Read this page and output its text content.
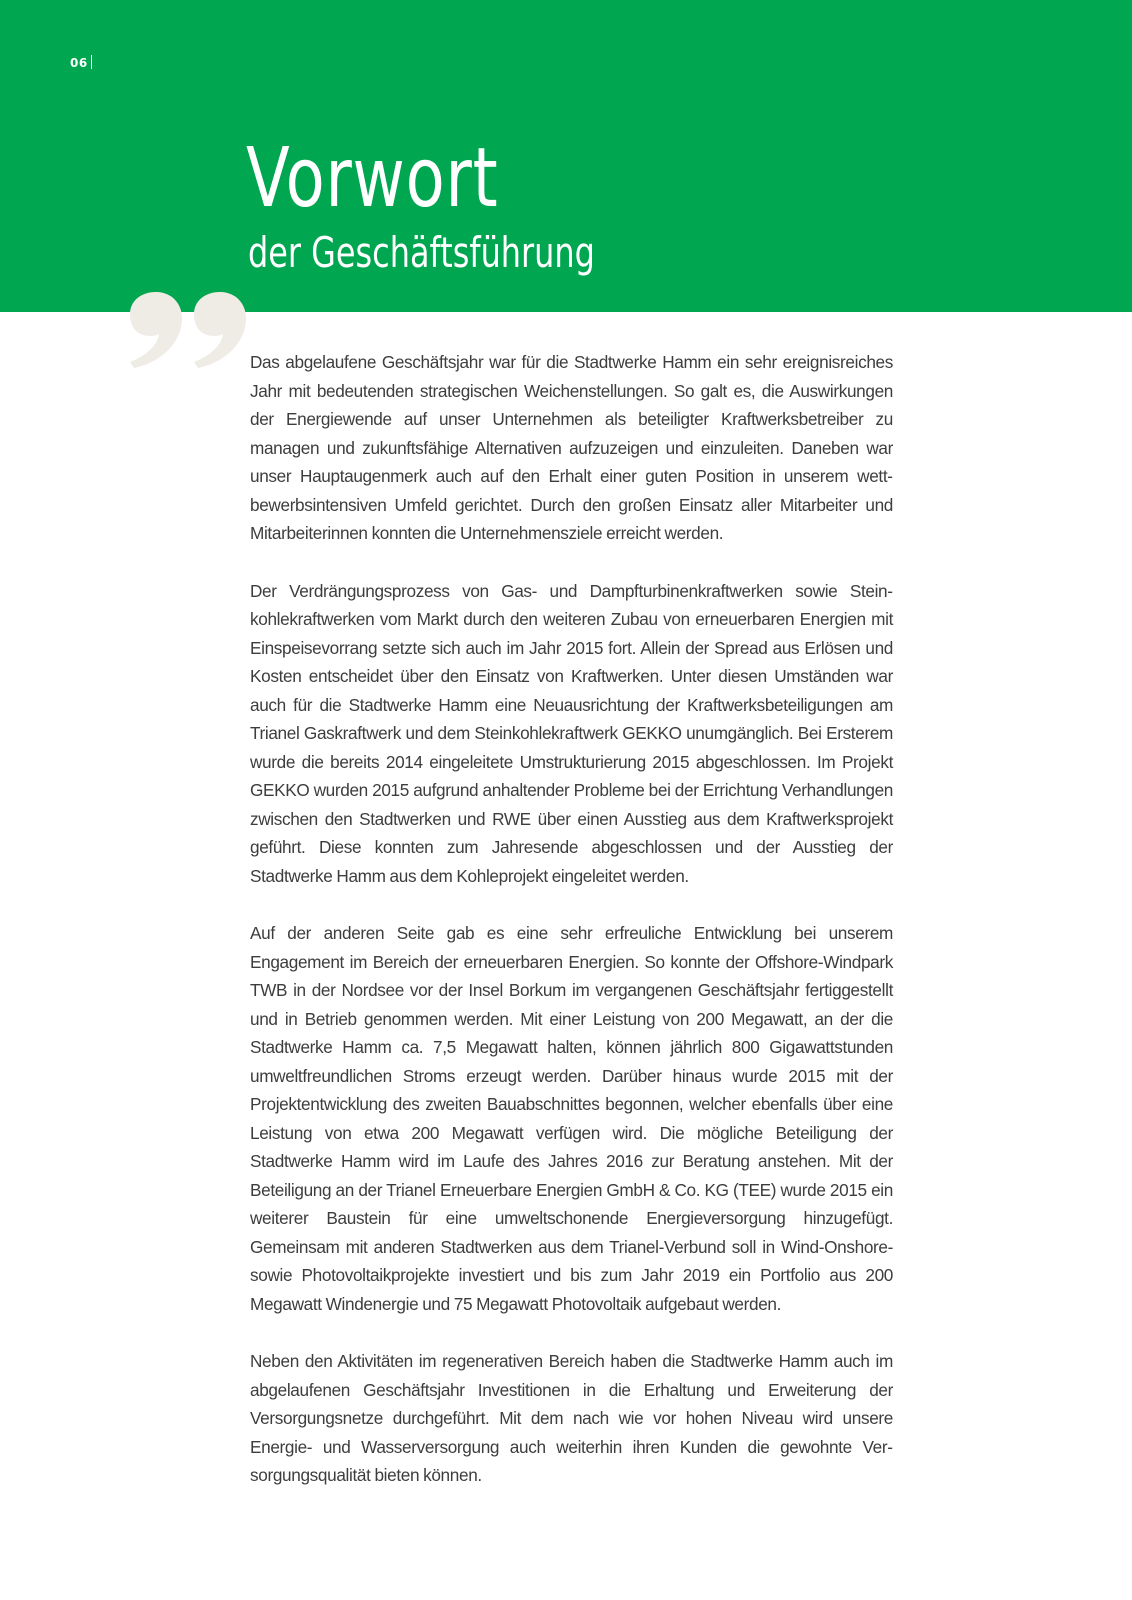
06
Vorwort
der Geschäftsführung

Das abgelaufene Geschäftsjahr war für die Stadtwerke Hamm ein sehr ereignisreiches Jahr mit bedeutenden strategischen Weichenstellungen. So galt es, die Auswirkungen der Energiewende auf unser Unternehmen als beteiligter Kraftwerksbetreiber zu managen und zukunftsfähige Alternativen aufzuzeigen und einzuleiten. Daneben war unser Hauptaugenmerk auch auf den Erhalt einer guten Position in unserem wettbewerbsintensiven Umfeld gerichtet. Durch den großen Einsatz aller Mitarbeiter und Mitarbeiterinnen konnten die Unternehmensziele erreicht werden.

Der Verdrängungsprozess von Gas- und Dampfturbinenkraftwerken sowie Steinkohlekraftwerken vom Markt durch den weiteren Zubau von erneuerbaren Energien mit Einspeisevorrang setzte sich auch im Jahr 2015 fort. Allein der Spread aus Erlösen und Kosten entscheidet über den Einsatz von Kraftwerken. Unter diesen Umständen war auch für die Stadtwerke Hamm eine Neuausrichtung der Kraftwerksbeteiligungen am Trianel Gaskraftwerk und dem Steinkohlekraftwerk GEKKO unumgänglich. Bei Ersterem wurde die bereits 2014 eingeleitete Umstrukturierung 2015 abgeschlossen. Im Projekt GEKKO wurden 2015 aufgrund anhaltender Probleme bei der Errichtung Verhandlungen zwischen den Stadtwerken und RWE über einen Ausstieg aus dem Kraftwerksprojekt geführt. Diese konnten zum Jahresende abgeschlossen und der Ausstieg der Stadtwerke Hamm aus dem Kohleprojekt eingeleitet werden.

Auf der anderen Seite gab es eine sehr erfreuliche Entwicklung bei unserem Engagement im Bereich der erneuerbaren Energien. So konnte der Offshore-Windpark TWB in der Nordsee vor der Insel Borkum im vergangenen Geschäftsjahr fertiggestellt und in Betrieb genommen werden. Mit einer Leistung von 200 Megawatt, an der die Stadtwerke Hamm ca. 7,5 Megawatt halten, können jährlich 800 Gigawattstunden umweltfreundlichen Stroms erzeugt werden. Darüber hinaus wurde 2015 mit der Projektentwicklung des zweiten Bauabschnittes begonnen, welcher ebenfalls über eine Leistung von etwa 200 Megawatt verfügen wird. Die mögliche Beteiligung der Stadtwerke Hamm wird im Laufe des Jahres 2016 zur Beratung anstehen. Mit der Beteiligung an der Trianel Erneuerbare Energien GmbH & Co. KG (TEE) wurde 2015 ein weiterer Baustein für eine umweltschonende Energieversorgung hinzugefügt. Gemeinsam mit anderen Stadtwerken aus dem Trianel-Verbund soll in Wind-Onshore- sowie Photovoltaikprojekte investiert und bis zum Jahr 2019 ein Portfolio aus 200 Megawatt Windenergie und 75 Megawatt Photovoltaik aufgebaut werden.

Neben den Aktivitäten im regenerativen Bereich haben die Stadtwerke Hamm auch im abgelaufenen Geschäftsjahr Investitionen in die Erhaltung und Erweiterung der Versorgungsnetze durchgeführt. Mit dem nach wie vor hohen Niveau wird unsere Energie- und Wasserversorgung auch weiterhin ihren Kunden die gewohnte Versorgungsqualität bieten können.
